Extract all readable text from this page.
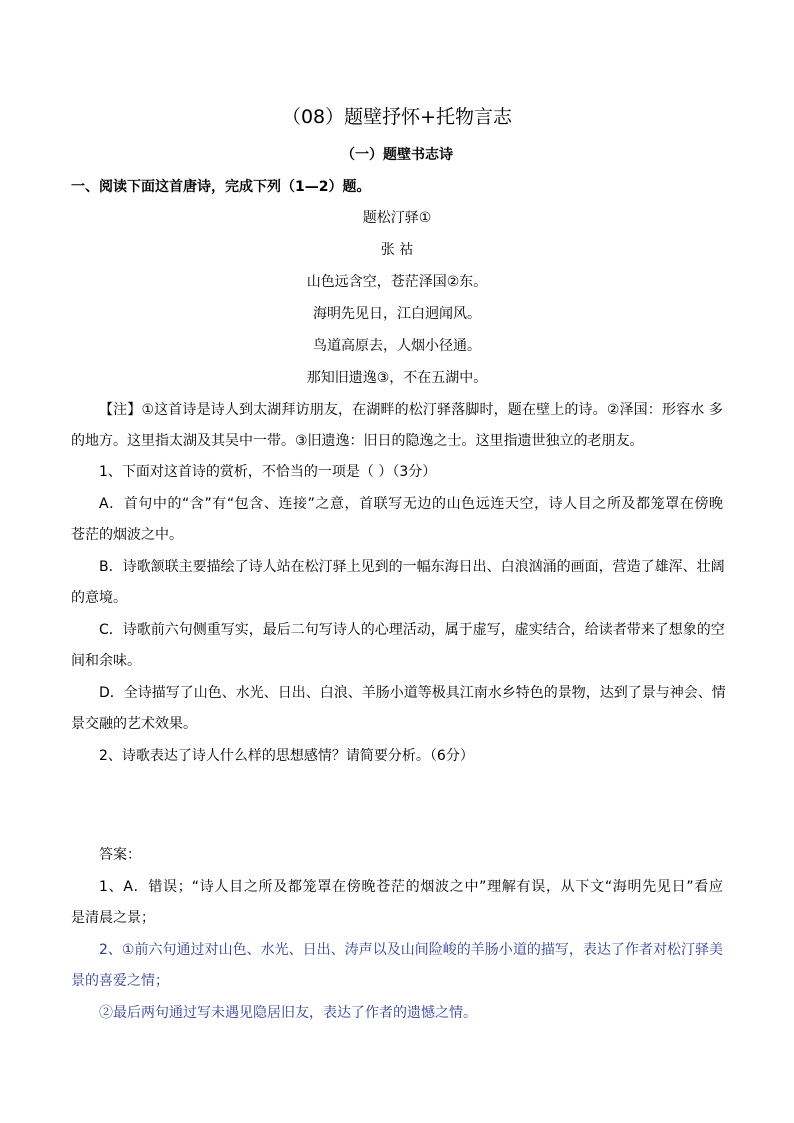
（08）题壁抒怀+托物言志
（一）题壁书志诗
一、阅读下面这首唐诗，完成下列（1—2）题。
题松汀驿①
张 祜
山色远含空，苍茫泽国②东。
海明先见日，江白迥闻风。
鸟道高原去，人烟小径通。
那知旧遗逸③，不在五湖中。
【注】①这首诗是诗人到太湖拜访朋友，在湖畔的松汀驿落脚时，题在壁上的诗。②泽国：形容水 多
的地方。这里指太湖及其吴中一带。③旧遗逸：旧日的隐逸之士。这里指遗世独立的老朋友。
1、下面对这首诗的赏析，不恰当的一项是（ ）（3分）
A．首句中的“含”有“包含、连接”之意，首联写无边的山色远连天空，诗人目之所及都笼罩在傍晚
苍茫的烟波之中。
B．诗歌颔联主要描绘了诗人站在松汀驿上见到的一幅东海日出、白浪汹涌的画面，营造了雄浑、壮阔
的意境。
C．诗歌前六句侧重写实，最后二句写诗人的心理活动，属于虚写，虚实结合，给读者带来了想象的空
间和余味。
D．全诗描写了山色、水光、日出、白浪、羊肠小道等极具江南水乡特色的景物，达到了景与神会、情
景交融的艺术效果。
2、诗歌表达了诗人什么样的思想感情？请简要分析。（6分）
答案：
1、A．错误；“诗人目之所及都笼罩在傍晚苍茫的烟波之中”理解有误，从下文“海明先见日”看应
是清晨之景；
2、①前六句通过对山色、水光、日出、涛声以及山间险峻的羊肠小道的描写，表达了作者对松汀驿美
景的喜爱之情；
②最后两句通过写未遇见隐居旧友，表达了作者的遗憾之情。
